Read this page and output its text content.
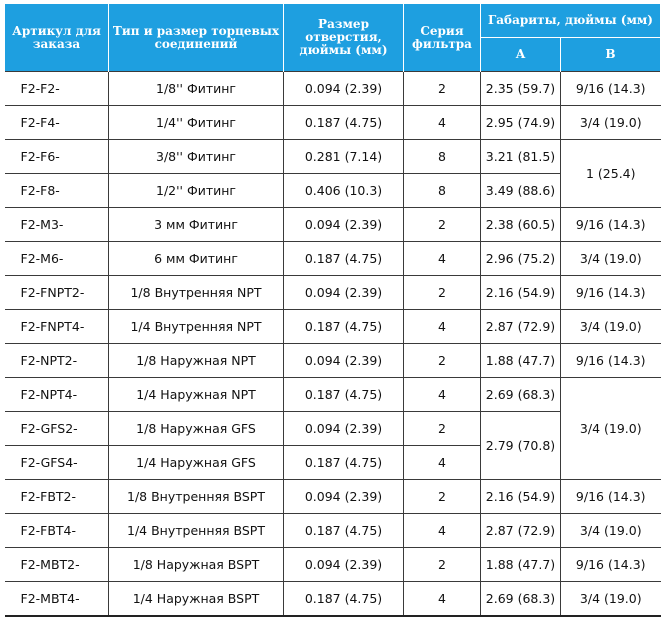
Артикул для заказа	Тип и размер торцевых соединений	Размер отверстия, дюймы (мм)	Серия фильтра	Габариты, дюймы (мм)	
				A	B
F2-F2-	1/8'' Фитинг	0.094 (2.39)	2	2.35 (59.7)	9/16 (14.3)
F2-F4-	1/4'' Фитинг	0.187 (4.75)	4	2.95 (74.9)	3/4 (19.0)
F2-F6-	3/8'' Фитинг	0.281 (7.14)	8	3.21 (81.5)	1 (25.4)
F2-F8-	1/2'' Фитинг	0.406 (10.3)	8	3.49 (88.6)	
F2-M3-	3 мм Фитинг	0.094 (2.39)	2	2.38 (60.5)	9/16 (14.3)
F2-M6-	6 мм Фитинг	0.187 (4.75)	4	2.96 (75.2)	3/4 (19.0)
F2-FNPT2-	1/8 Внутренняя NPT	0.094 (2.39)	2	2.16 (54.9)	9/16 (14.3)
F2-FNPT4-	1/4 Внутренняя NPT	0.187 (4.75)	4	2.87 (72.9)	3/4 (19.0)
F2-NPT2-	1/8 Наружная NPT	0.094 (2.39)	2	1.88 (47.7)	9/16 (14.3)
F2-NPT4-	1/4 Наружная NPT	0.187 (4.75)	4	2.69 (68.3)	3/4 (19.0)
F2-GFS2-	1/8 Наружная GFS	0.094 (2.39)	2	2.79 (70.8)	
F2-GFS4-	1/4 Наружная GFS	0.187 (4.75)	4		
F2-FBT2-	1/8 Внутренняя BSPT	0.094 (2.39)	2	2.16 (54.9)	9/16 (14.3)
F2-FBT4-	1/4 Внутренняя BSPT	0.187 (4.75)	4	2.87 (72.9)	3/4 (19.0)
F2-MBT2-	1/8 Наружная BSPT	0.094 (2.39)	2	1.88 (47.7)	9/16 (14.3)
F2-MBT4-	1/4 Наружная BSPT	0.187 (4.75)	4	2.69 (68.3)	3/4 (19.0)
